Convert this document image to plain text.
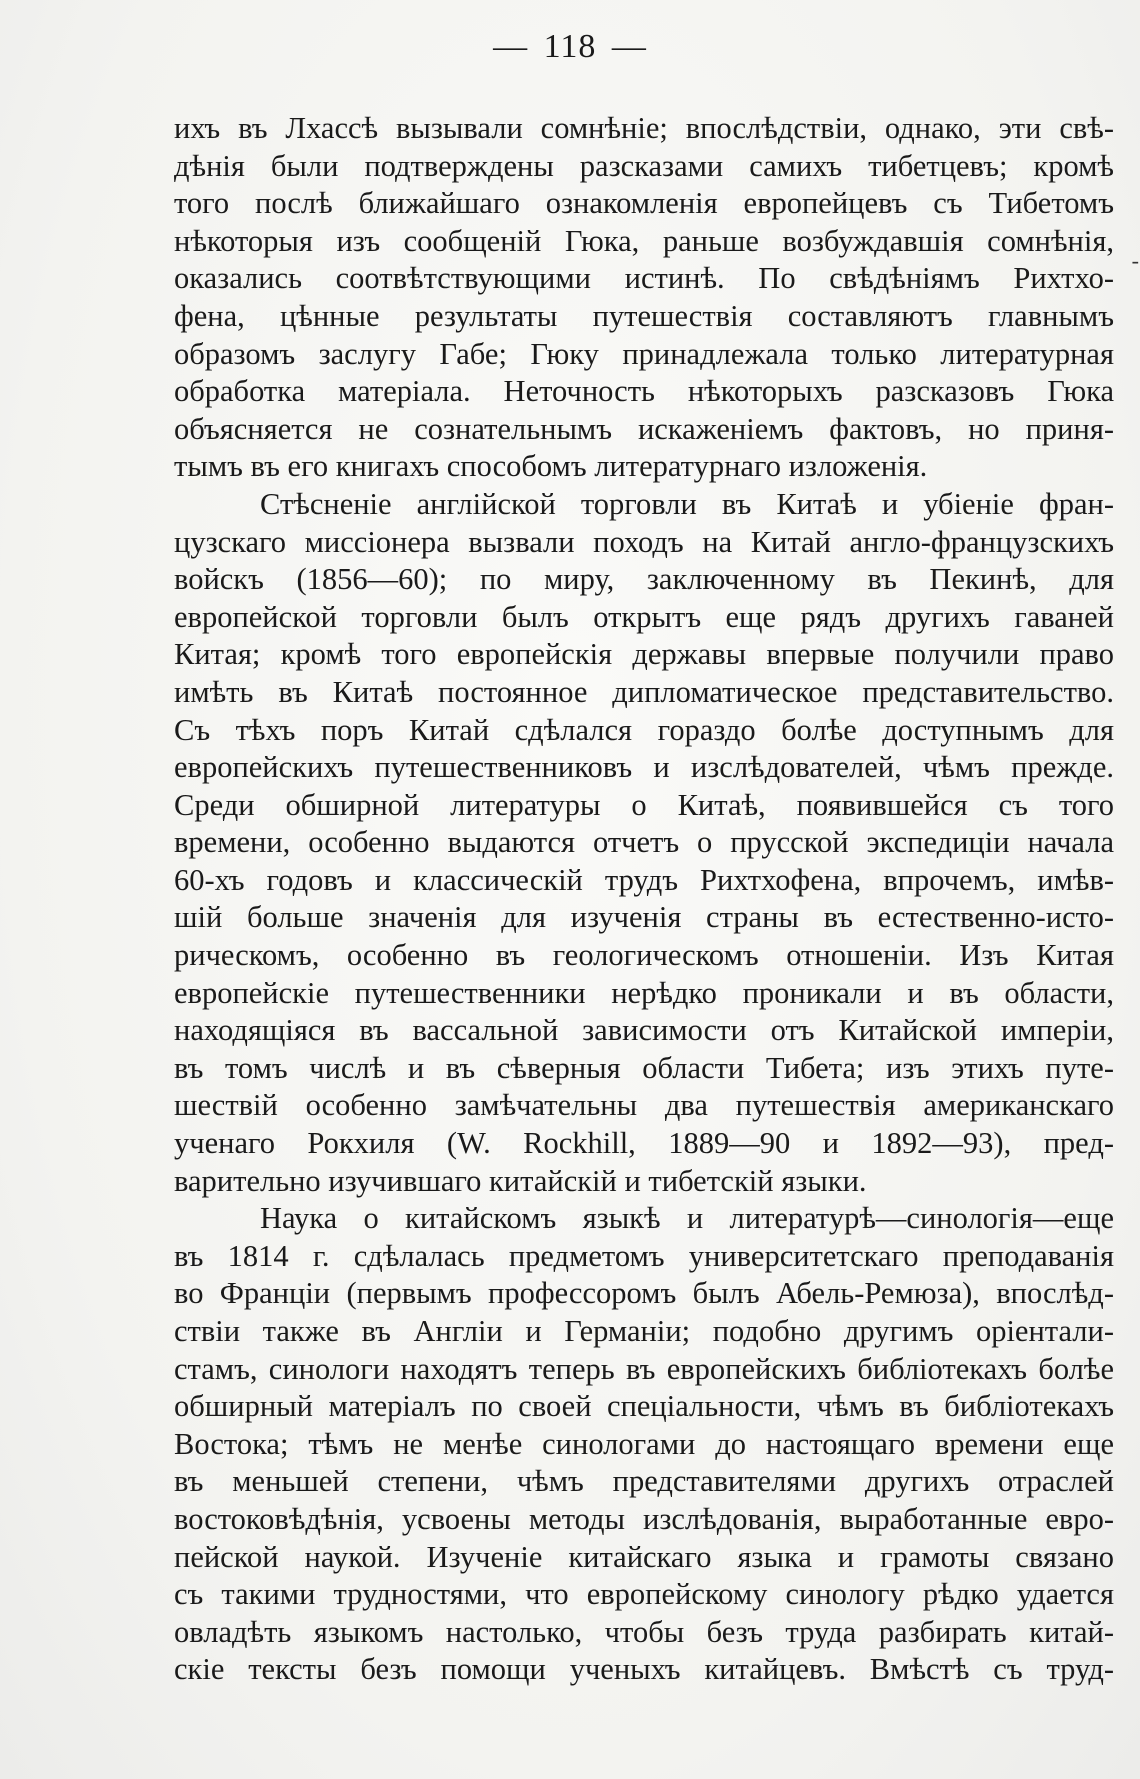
— 118 —
-
ихъ въ Лхассѣ вызывали сомнѣніе; впослѣдствіи, однако, эти свѣ-
дѣнія были подтверждены разсказами самихъ тибетцевъ; кромѣ
того послѣ ближайшаго ознакомленія европейцевъ съ Тибетомъ
нѣкоторыя изъ сообщеній Гюка, раньше возбуждавшія сомнѣнія,
оказались соотвѣтствующими истинѣ. По свѣдѣніямъ Рихтхо-
фена, цѣнные результаты путешествія составляютъ главнымъ
образомъ заслугу Габе; Гюку принадлежала только литературная
обработка матеріала. Неточность нѣкоторыхъ разсказовъ Гюка
объясняется не сознательнымъ искаженіемъ фактовъ, но приня-
тымъ въ его книгахъ способомъ литературнаго изложенія.
Стѣсненіе англійской торговли въ Китаѣ и убіеніе фран-
цузскаго миссіонера вызвали походъ на Китай англо-французскихъ
войскъ (1856—60); по миру, заключенному въ Пекинѣ, для
европейской торговли былъ открытъ еще рядъ другихъ гаваней
Китая; кромѣ того европейскія державы впервые получили право
имѣть въ Китаѣ постоянное дипломатическое представительство.
Съ тѣхъ поръ Китай сдѣлался гораздо болѣе доступнымъ для
европейскихъ путешественниковъ и изслѣдователей, чѣмъ прежде.
Среди обширной литературы о Китаѣ, появившейся съ того
времени, особенно выдаются отчетъ о прусской экспедиціи начала
60-хъ годовъ и классическій трудъ Рихтхофена, впрочемъ, имѣв-
шій больше значенія для изученія страны въ естественно-исто-
рическомъ, особенно въ геологическомъ отношеніи. Изъ Китая
европейскіе путешественники нерѣдко проникали и въ области,
находящіяся въ вассальной зависимости отъ Китайской имперіи,
въ томъ числѣ и въ сѣверныя области Тибета; изъ этихъ путе-
шествій особенно замѣчательны два путешествія американскаго
ученаго Рокхиля (W. Rockhill, 1889—90 и 1892—93), пред-
варительно изучившаго китайскій и тибетскій языки.
Наука о китайскомъ языкѣ и литературѣ—синологія—еще
въ 1814 г. сдѣлалась предметомъ университетскаго преподаванія
во Франціи (первымъ профессоромъ былъ Абель-Ремюза), впослѣд-
ствіи также въ Англіи и Германіи; подобно другимъ оріентали-
стамъ, синологи находятъ теперь въ европейскихъ библіотекахъ болѣе
обширный матеріалъ по своей спеціальности, чѣмъ въ библіотекахъ
Востока; тѣмъ не менѣе синологами до настоящаго времени еще
въ меньшей степени, чѣмъ представителями другихъ отраслей
востоковѣдѣнія, усвоены методы изслѣдованія, выработанные евро-
пейской наукой. Изученіе китайскаго языка и грамоты связано
съ такими трудностями, что европейскому синологу рѣдко удается
овладѣть языкомъ настолько, чтобы безъ труда разбирать китай-
скіе тексты безъ помощи ученыхъ китайцевъ. Вмѣстѣ съ труд-
